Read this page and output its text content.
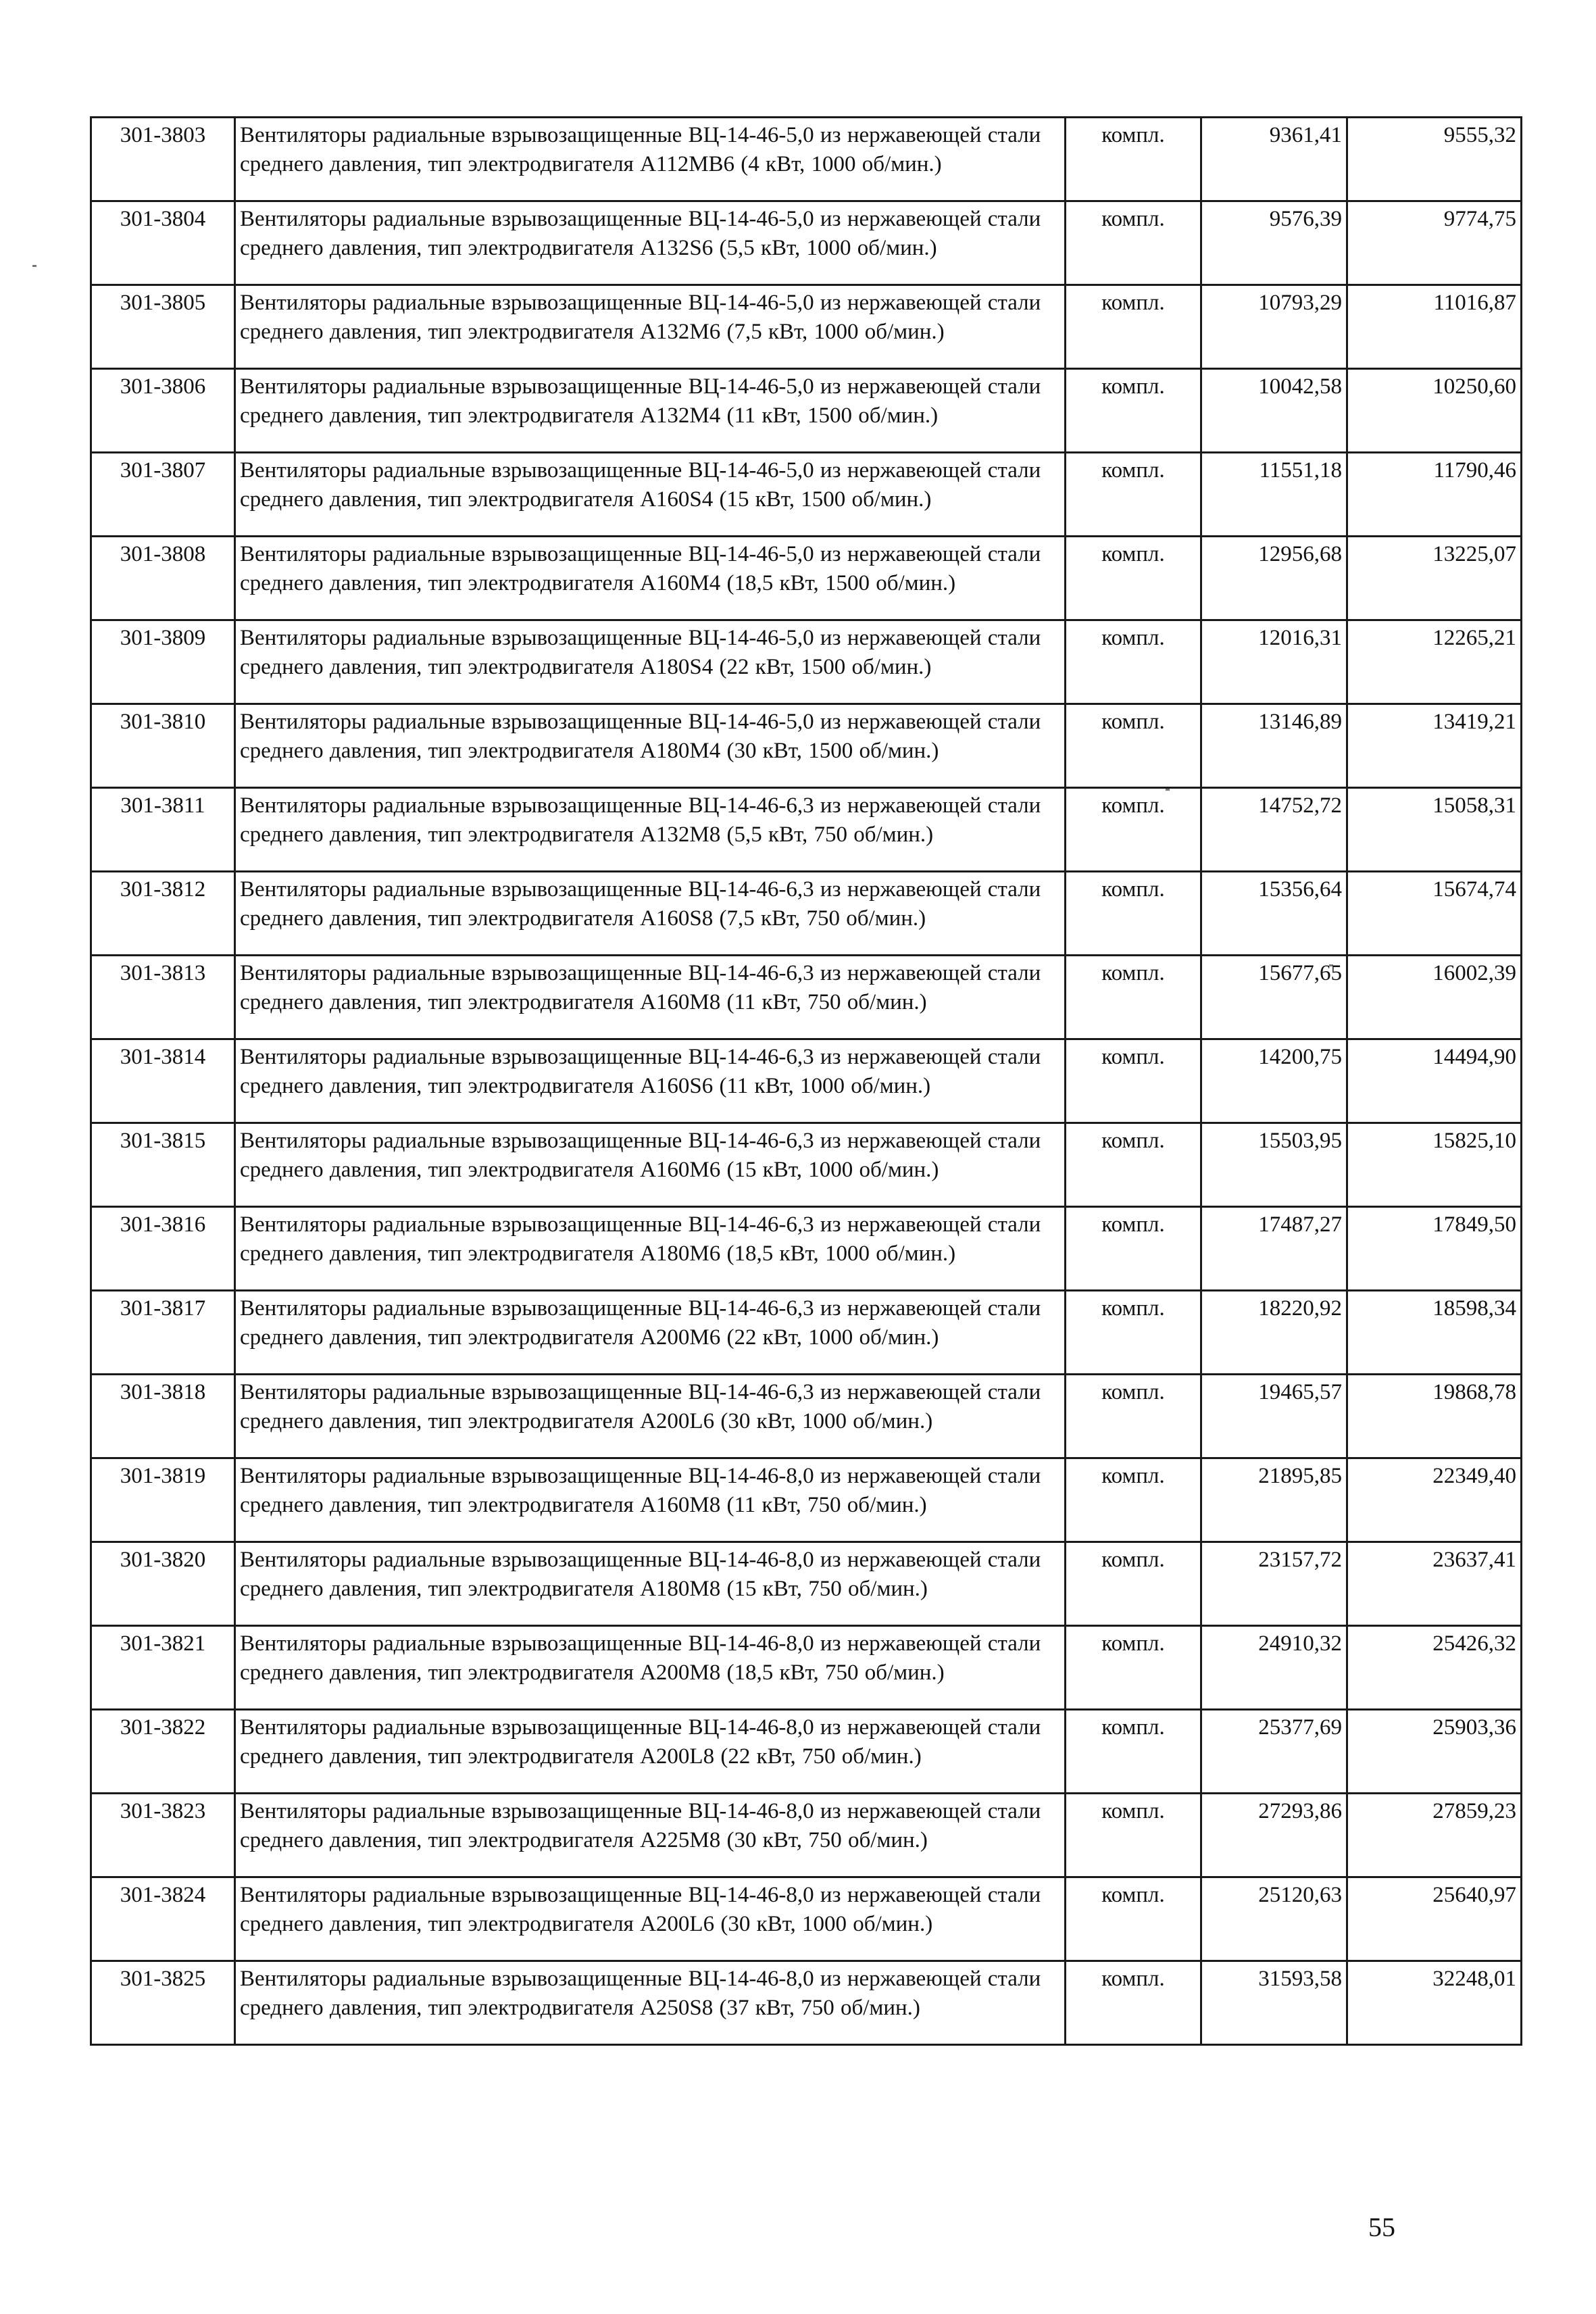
301-3803	Вентиляторы радиальные взрывозащищенные ВЦ-14-46-5,0 из нержавеющей стали среднего давления, тип электродвигателя А112МВ6 (4 кВт, 1000 об/мин.)	компл.	9361,41	9555,32
301-3804	Вентиляторы радиальные взрывозащищенные ВЦ-14-46-5,0 из нержавеющей стали среднего давления, тип электродвигателя А132S6 (5,5 кВт, 1000 об/мин.)	компл.	9576,39	9774,75
301-3805	Вентиляторы радиальные взрывозащищенные ВЦ-14-46-5,0 из нержавеющей стали среднего давления, тип электродвигателя А132М6 (7,5 кВт, 1000 об/мин.)	компл.	10793,29	11016,87
301-3806	Вентиляторы радиальные взрывозащищенные ВЦ-14-46-5,0 из нержавеющей стали среднего давления, тип электродвигателя А132М4 (11 кВт, 1500 об/мин.)	компл.	10042,58	10250,60
301-3807	Вентиляторы радиальные взрывозащищенные ВЦ-14-46-5,0 из нержавеющей стали среднего давления, тип электродвигателя А160S4 (15 кВт, 1500 об/мин.)	компл.	11551,18	11790,46
301-3808	Вентиляторы радиальные взрывозащищенные ВЦ-14-46-5,0 из нержавеющей стали среднего давления, тип электродвигателя А160М4 (18,5 кВт, 1500 об/мин.)	компл.	12956,68	13225,07
301-3809	Вентиляторы радиальные взрывозащищенные ВЦ-14-46-5,0 из нержавеющей стали среднего давления, тип электродвигателя А180S4 (22 кВт, 1500 об/мин.)	компл.	12016,31	12265,21
301-3810	Вентиляторы радиальные взрывозащищенные ВЦ-14-46-5,0 из нержавеющей стали среднего давления, тип электродвигателя А180М4 (30 кВт, 1500 об/мин.)	компл.	13146,89	13419,21
301-3811	Вентиляторы радиальные взрывозащищенные ВЦ-14-46-6,3 из нержавеющей стали среднего давления, тип электродвигателя А132М8 (5,5 кВт, 750 об/мин.)	компл.	14752,72	15058,31
301-3812	Вентиляторы радиальные взрывозащищенные ВЦ-14-46-6,3 из нержавеющей стали среднего давления, тип электродвигателя А160S8 (7,5 кВт, 750 об/мин.)	компл.	15356,64	15674,74
301-3813	Вентиляторы радиальные взрывозащищенные ВЦ-14-46-6,3 из нержавеющей стали среднего давления, тип электродвигателя А160М8 (11 кВт, 750 об/мин.)	компл.	15677,65	16002,39
301-3814	Вентиляторы радиальные взрывозащищенные ВЦ-14-46-6,3 из нержавеющей стали среднего давления, тип электродвигателя А160S6 (11 кВт, 1000 об/мин.)	компл.	14200,75	14494,90
301-3815	Вентиляторы радиальные взрывозащищенные ВЦ-14-46-6,3 из нержавеющей стали среднего давления, тип электродвигателя А160М6 (15 кВт, 1000 об/мин.)	компл.	15503,95	15825,10
301-3816	Вентиляторы радиальные взрывозащищенные ВЦ-14-46-6,3 из нержавеющей стали среднего давления, тип электродвигателя А180М6 (18,5 кВт, 1000 об/мин.)	компл.	17487,27	17849,50
301-3817	Вентиляторы радиальные взрывозащищенные ВЦ-14-46-6,3 из нержавеющей стали среднего давления, тип электродвигателя А200М6 (22 кВт, 1000 об/мин.)	компл.	18220,92	18598,34
301-3818	Вентиляторы радиальные взрывозащищенные ВЦ-14-46-6,3 из нержавеющей стали среднего давления, тип электродвигателя А200L6 (30 кВт, 1000 об/мин.)	компл.	19465,57	19868,78
301-3819	Вентиляторы радиальные взрывозащищенные ВЦ-14-46-8,0 из нержавеющей стали среднего давления, тип электродвигателя А160М8 (11 кВт, 750 об/мин.)	компл.	21895,85	22349,40
301-3820	Вентиляторы радиальные взрывозащищенные ВЦ-14-46-8,0 из нержавеющей стали среднего давления, тип электродвигателя А180М8 (15 кВт, 750 об/мин.)	компл.	23157,72	23637,41
301-3821	Вентиляторы радиальные взрывозащищенные ВЦ-14-46-8,0 из нержавеющей стали среднего давления, тип электродвигателя А200М8 (18,5 кВт, 750 об/мин.)	компл.	24910,32	25426,32
301-3822	Вентиляторы радиальные взрывозащищенные ВЦ-14-46-8,0 из нержавеющей стали среднего давления, тип электродвигателя А200L8 (22 кВт, 750 об/мин.)	компл.	25377,69	25903,36
301-3823	Вентиляторы радиальные взрывозащищенные ВЦ-14-46-8,0 из нержавеющей стали среднего давления, тип электродвигателя А225М8 (30 кВт, 750 об/мин.)	компл.	27293,86	27859,23
301-3824	Вентиляторы радиальные взрывозащищенные ВЦ-14-46-8,0 из нержавеющей стали среднего давления, тип электродвигателя А200L6 (30 кВт, 1000 об/мин.)	компл.	25120,63	25640,97
301-3825	Вентиляторы радиальные взрывозащищенные ВЦ-14-46-8,0 из нержавеющей стали среднего давления, тип электродвигателя А250S8 (37 кВт, 750 об/мин.)	компл.	31593,58	32248,01
55
